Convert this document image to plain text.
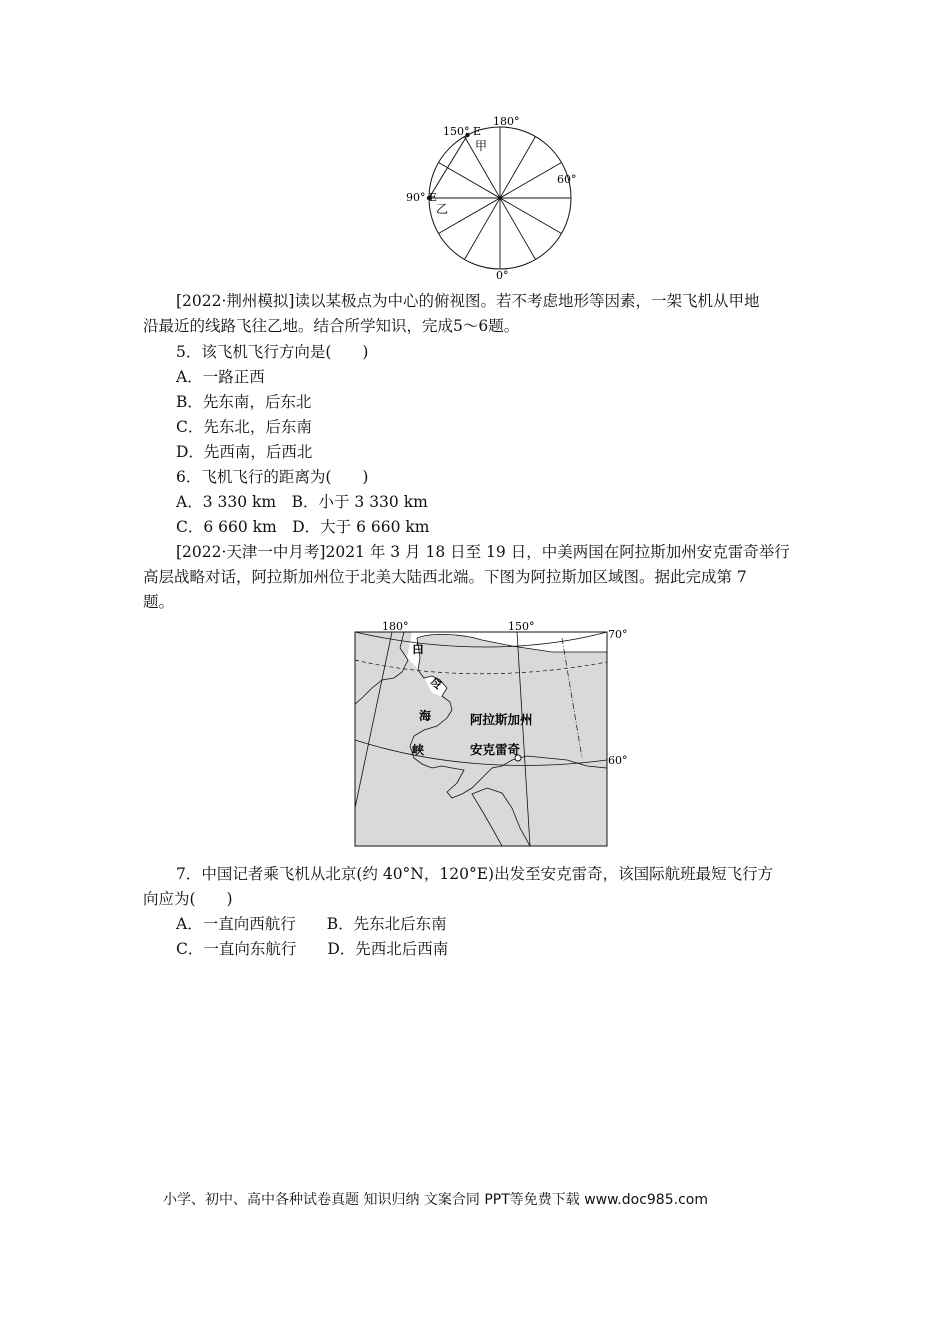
180°
150° E
60°
90° E
0°
甲
乙
[2022·荆州模拟]读以某极点为中心的俯视图。若不考虑地形等因素，一架飞机从甲地
沿最近的线路飞往乙地。结合所学知识，完成5～6题。
5．该飞机飞行方向是(　　)
A．一路正西
B．先东南，后东北
C．先东北，后东南
D．先西南，后西北
6．飞机飞行的距离为(　　)
A．3 330 km　B．小于 3 330 km
C．6 660 km　D．大于 6 660 km
[2022·天津一中月考]2021 年 3 月 18 日至 19 日，中美两国在阿拉斯加州安克雷奇举行
高层战略对话，阿拉斯加州位于北美大陆西北端。下图为阿拉斯加区域图。据此完成第 7
题。
180°	150°
70°
60°
白
令
海
峡
阿拉斯加州
安克雷奇
7．中国记者乘飞机从北京(约 40°N，120°E)出发至安克雷奇，该国际航班最短飞行方
向应为(　　)
A．一直向西航行　　B．先东北后东南
C．一直向东航行　　D．先西北后西南
小学、初中、高中各种试卷真题 知识归纳 文案合同 PPT等免费下载 www.doc985.com
